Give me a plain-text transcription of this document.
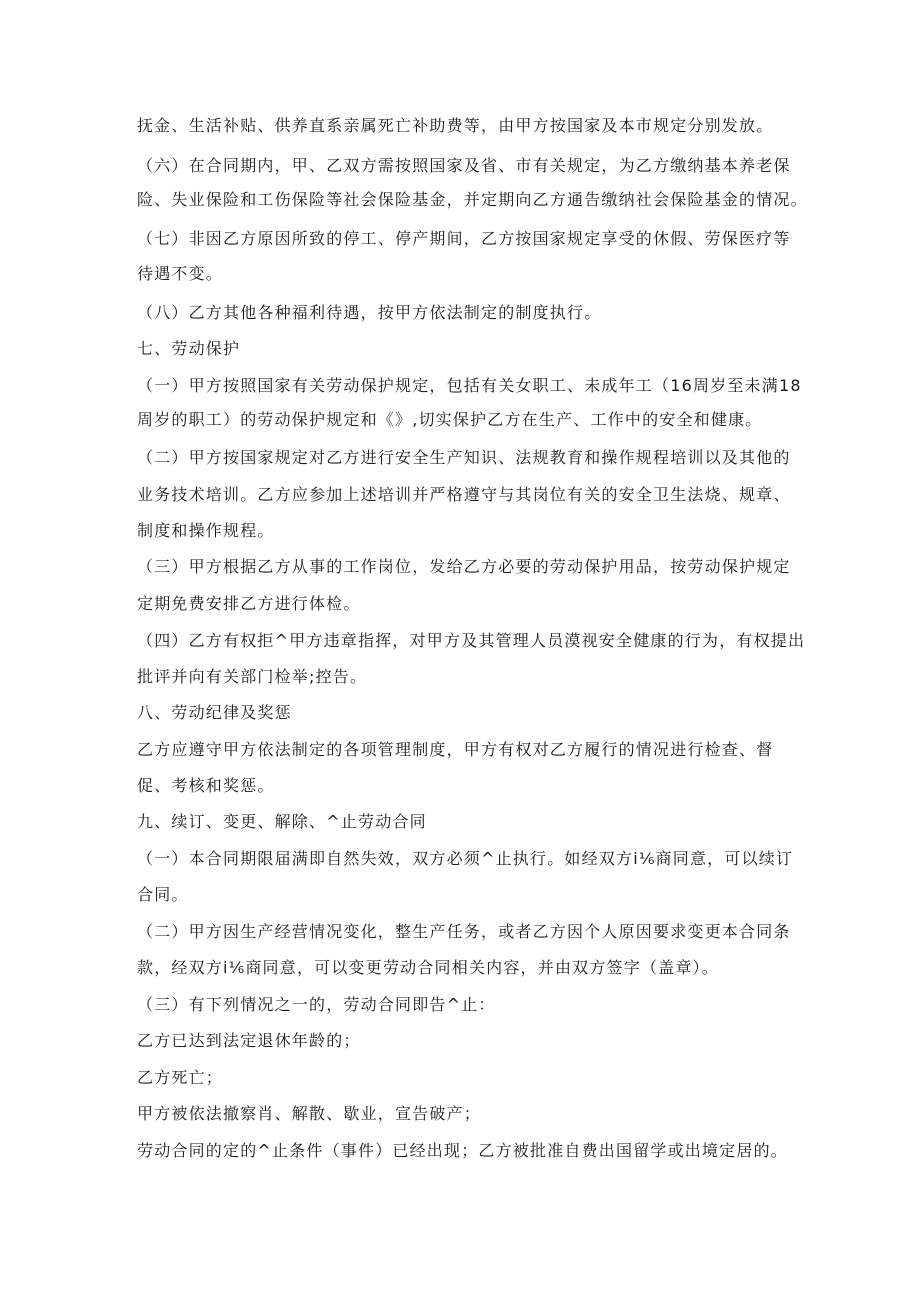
抚金、生活补贴、供养直系亲属死亡补助费等，由甲方按国家及本市规定分别发放。
（六）在合同期内，甲、乙双方需按照国家及省、市有关规定，为乙方缴纳基本养老保
险、失业保险和工伤保险等社会保险基金，并定期向乙方通告缴纳社会保险基金的情况。
（七）非因乙方原因所致的停工、停产期间，乙方按国家规定享受的休假、劳保医疗等
待遇不变。
（八）乙方其他各种福利待遇，按甲方依法制定的制度执行。
七、劳动保护
（一）甲方按照国家有关劳动保护规定，包括有关女职工、未成年工（16周岁至未满18
周岁的职工）的劳动保护规定和《》,切实保护乙方在生产、工作中的安全和健康。
（二）甲方按国家规定对乙方进行安全生产知识、法规教育和操作规程培训以及其他的
业务技术培训。乙方应参加上述培训并严格遵守与其岗位有关的安全卫生法烧、规章、
制度和操作规程。
（三）甲方根据乙方从事的工作岗位，发给乙方必要的劳动保护用品，按劳动保护规定
定期免费安排乙方进行体检。
（四）乙方有权拒^甲方违章指挥，对甲方及其管理人员漠视安全健康的行为，有权提出
批评并向有关部门检举;控告。
八、劳动纪律及奖惩
乙方应遵守甲方依法制定的各项管理制度，甲方有权对乙方履行的情况进行检查、督
促、考核和奖惩。
九、续订、变更、解除、^止劳动合同
（一）本合同期限届满即自然失效，双方必须^止执行。如经双方i⅙商同意，可以续订
合同。
（二）甲方因生产经营情况变化，整生产任务，或者乙方因个人原因要求变更本合同条
款，经双方i⅙商同意，可以变更劳动合同相关内容，并由双方签字（盖章）。
（三）有下列情况之一的，劳动合同即告^止：
乙方已达到法定退休年龄的；
乙方死亡；
甲方被依法撤察肖、解散、歇业，宣告破产；
劳动合同的定的^止条件（事件）已经出现；乙方被批准自费出国留学或出境定居的。
